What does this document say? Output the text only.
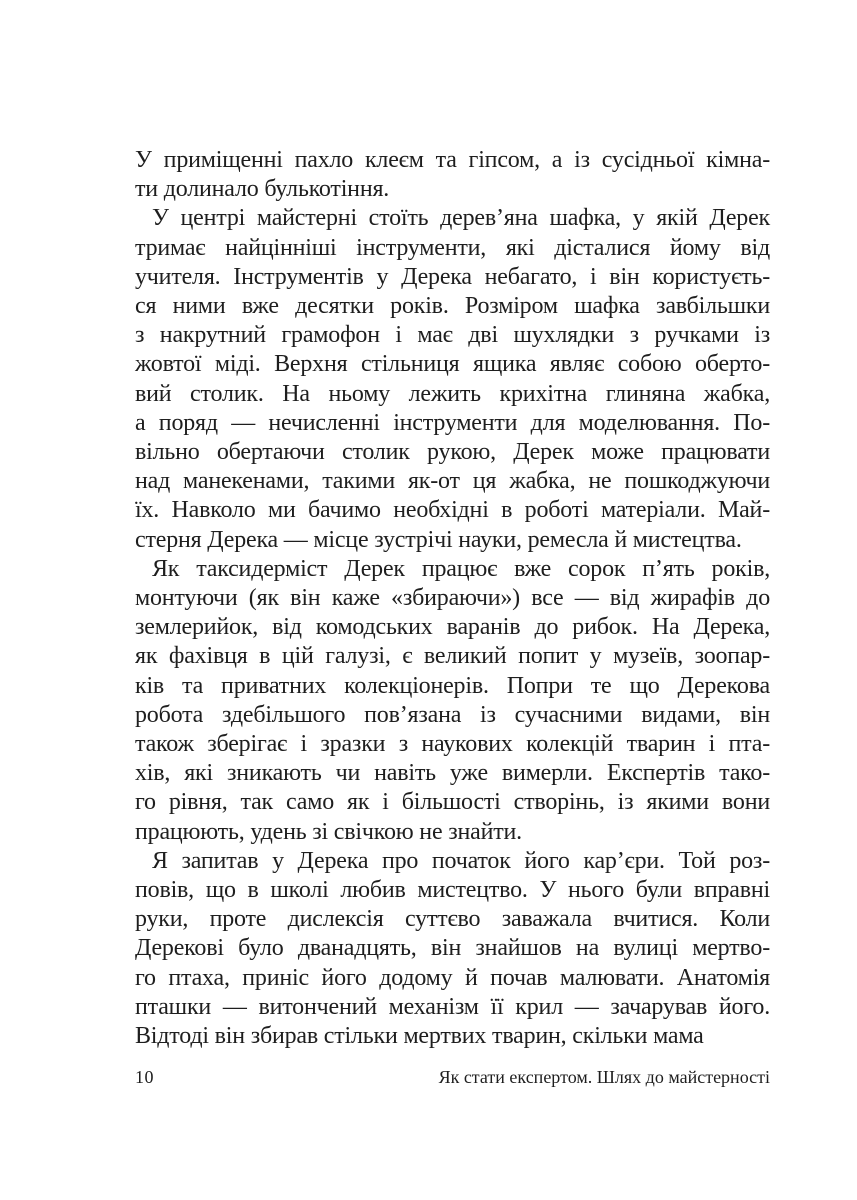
У приміщенні пахло клеєм та гіпсом, а із сусідньої кімна-
ти долинало булькотіння.
У центрі майстерні стоїть дерев’яна шафка, у якій Дерек
тримає найцінніші інструменти, які дісталися йому від
учителя. Інструментів у Дерека небагато, і він користуєть-
ся ними вже десятки років. Розміром шафка завбільшки
з накрутний грамофон і має дві шухлядки з ручками із
жовтої міді. Верхня стільниця ящика являє собою оберто-
вий столик. На ньому лежить крихітна глиняна жабка,
а поряд — нечисленні інструменти для моделювання. По-
вільно обертаючи столик рукою, Дерек може працювати
над манекенами, такими як-от ця жабка, не пошкоджуючи
їх. Навколо ми бачимо необхідні в роботі матеріали. Май-
стерня Дерека — місце зустрічі науки, ремесла й мистецтва.
Як таксидерміст Дерек працює вже сорок п’ять років,
монтуючи (як він каже «збираючи») все — від жирафів до
землерийок, від комодських варанів до рибок. На Дерека,
як фахівця в цій галузі, є великий попит у музеїв, зоопар-
ків та приватних колекціонерів. Попри те що Дерекова
робота здебільшого пов’язана із сучасними видами, він
також зберігає і зразки з наукових колекцій тварин і пта-
хів, які зникають чи навіть уже вимерли. Експертів тако-
го рівня, так само як і більшості створінь, із якими вони
працюють, удень зі свічкою не знайти.
Я запитав у Дерека про початок його кар’єри. Той роз-
повів, що в школі любив мистецтво. У нього були вправні
руки, проте дислексія суттєво заважала вчитися. Коли
Дерекові було дванадцять, він знайшов на вулиці мертво-
го птаха, приніс його додому й почав малювати. Анатомія
пташки — витончений механізм її крил — зачарував його.
Відтоді він збирав стільки мертвих тварин, скільки мама
10	Як стати експертом. Шлях до майстерності
